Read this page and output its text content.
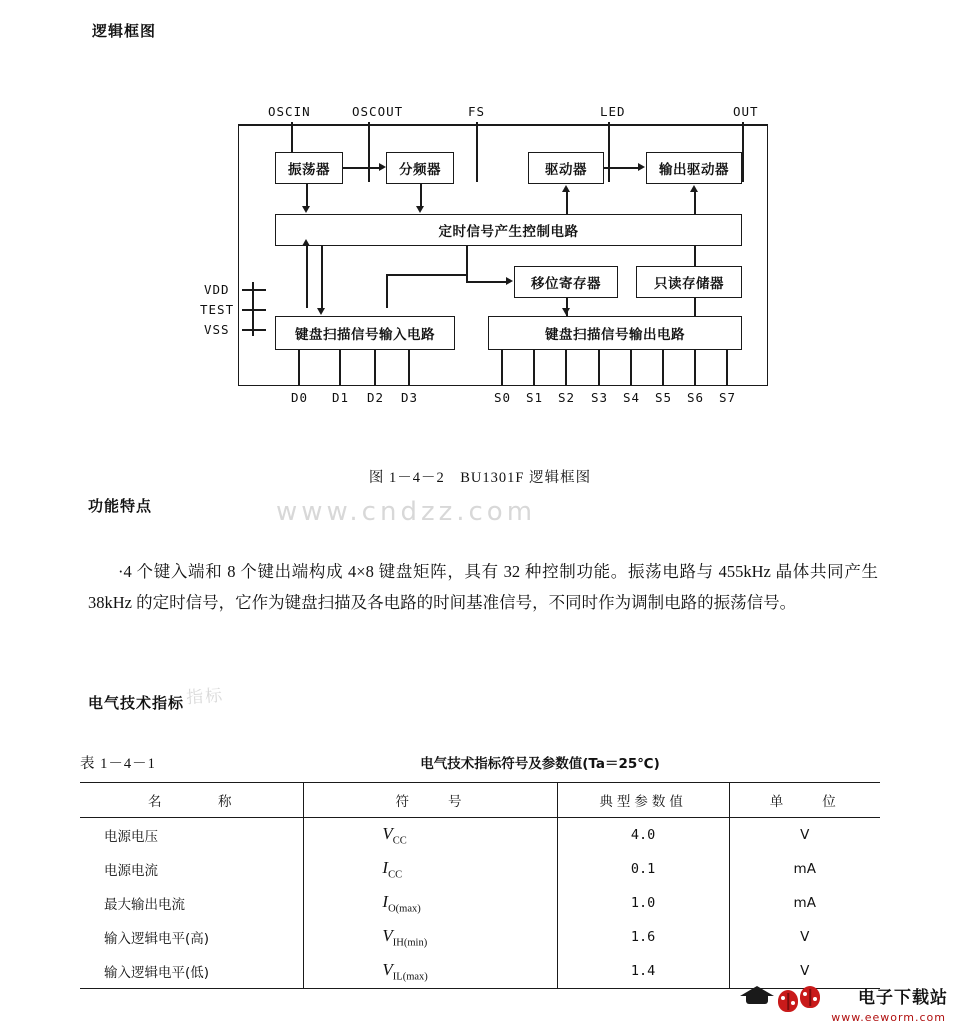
逻辑框图
OSCIN	OSCOUT	FS	LED	OUT
振荡器	分频器	驱动器	输出驱动器
定时信号产生控制电路
移位寄存器	只读存储器
键盘扫描信号输入电路	键盘扫描信号输出电路
VDD
TEST
VSS
D0 D1 D2 D3	S0 S1 S2 S3 S4 S5 S6 S7
图 1－4－2　BU1301F 逻辑框图
功能特点	www.cndzz.com
·4 个键入端和 8 个键出端构成 4×8 键盘矩阵，具有 32 种控制功能。振荡电路与 455kHz 晶体共同产生 38kHz 的定时信号，它作为键盘扫描及各电路的时间基准信号，不同时作为调制电路的振荡信号。
电气技术指标 指标
表 1－4－1	电气技术指标符号及参数值(Ta＝25℃)
名　　　称	符　　号	典型参数值	单　　位
电源电压	$V_{CC}$	4.0	V
电源电流	$I_{CC}$	0.1	mA
最大输出电流	$I_{O(max)}$	1.0	mA
输入逻辑电平(高)	$V_{IH(min)}$	1.6	V
输入逻辑电平(低)	$V_{IL(max)}$	1.4	V
电子下载站
www.eeworm.com
